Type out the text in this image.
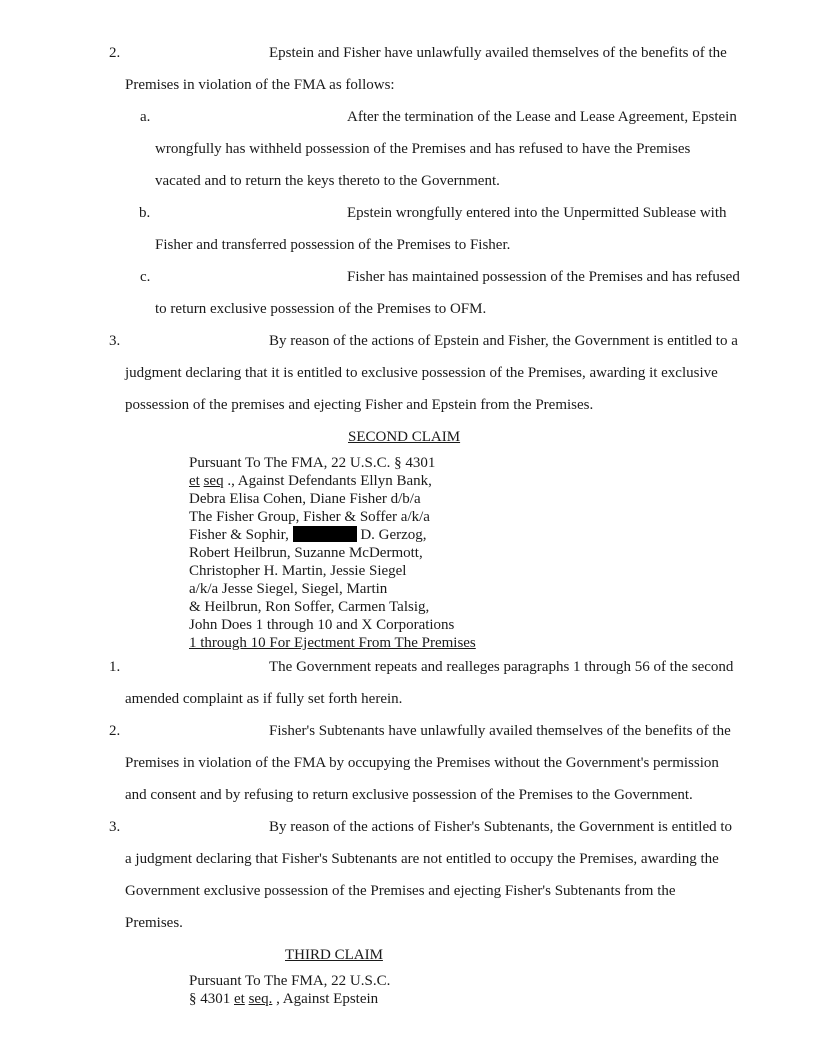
2.	Epstein and Fisher have unlawfully availed themselves of the benefits of the
Premises in violation of the FMA as follows:
a.	After the termination of the Lease and Lease Agreement, Epstein
wrongfully has withheld possession of the Premises and has refused to have the Premises
vacated and to return the keys thereto to the Government.
b.	Epstein wrongfully entered into the Unpermitted Sublease with
Fisher and transferred possession of the Premises to Fisher.
c.	Fisher has maintained possession of the Premises and has refused
to return exclusive possession of the Premises to OFM.
3.	By reason of the actions of Epstein and Fisher, the Government is entitled to a
judgment declaring that it is entitled to exclusive possession of the Premises, awarding it exclusive
possession of the premises and ejecting Fisher and Epstein from the Premises.
SECOND CLAIM
Pursuant To The FMA, 22 U.S.C. § 4301
et seq ., Against Defendants Ellyn Bank,
Debra Elisa Cohen, Diane Fisher d/b/a
The Fisher Group, Fisher & Soffer a/k/a
Fisher & Sophir,	D. Gerzog,
Robert Heilbrun, Suzanne McDermott,
Christopher H. Martin, Jessie Siegel
a/k/a Jesse Siegel, Siegel, Martin
& Heilbrun, Ron Soffer, Carmen Talsig,
John Does 1 through 10 and X Corporations
1 through 10 For Ejectment From The Premises
1.	The Government repeats and realleges paragraphs 1 through 56 of the second
amended complaint as if fully set forth herein.
2.	Fisher's Subtenants have unlawfully availed themselves of the benefits of the
Premises in violation of the FMA by occupying the Premises without the Government's permission
and consent and by refusing to return exclusive possession of the Premises to the Government.
3.	By reason of the actions of Fisher's Subtenants, the Government is entitled to
a judgment declaring that Fisher's Subtenants are not entitled to occupy the Premises, awarding the
Government exclusive possession of the Premises and ejecting Fisher's Subtenants from the
Premises.
THIRD CLAIM
Pursuant To The FMA, 22 U.S.C.
§ 4301 et seq. , Against Epstein
